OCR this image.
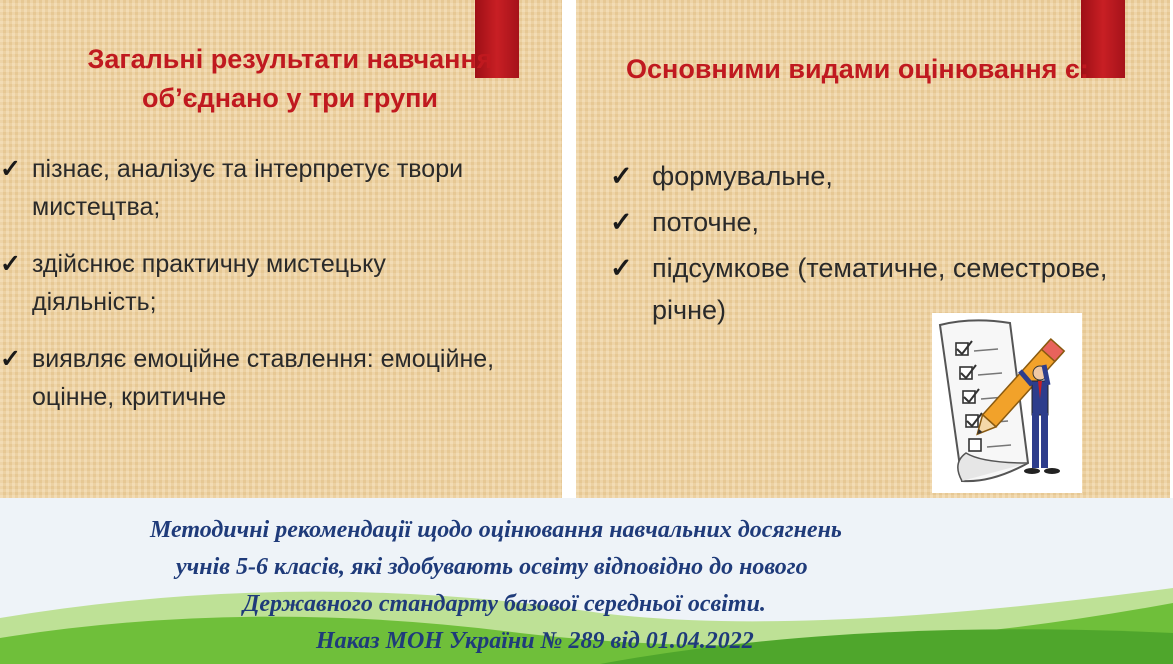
Загальні результати навчання
об’єднано у три групи
✓ пізнає, аналізує та інтерпретує твори
мистецтва;
✓ здійснює практичну мистецьку
діяльність;
✓ виявляє емоційне ставлення: емоційне,
оцінне, критичне
Основними видами оцінювання є:
✓ формувальне,
✓ поточне,
✓ підсумкове (тематичне, семестрове,
річне)
Методичні рекомендації щодо оцінювання навчальних досягнень
учнів 5-6 класів, які здобувають освіту відповідно до нового
Державного стандарту базової середньої освіти.
Наказ МОН України № 289 від 01.04.2022
